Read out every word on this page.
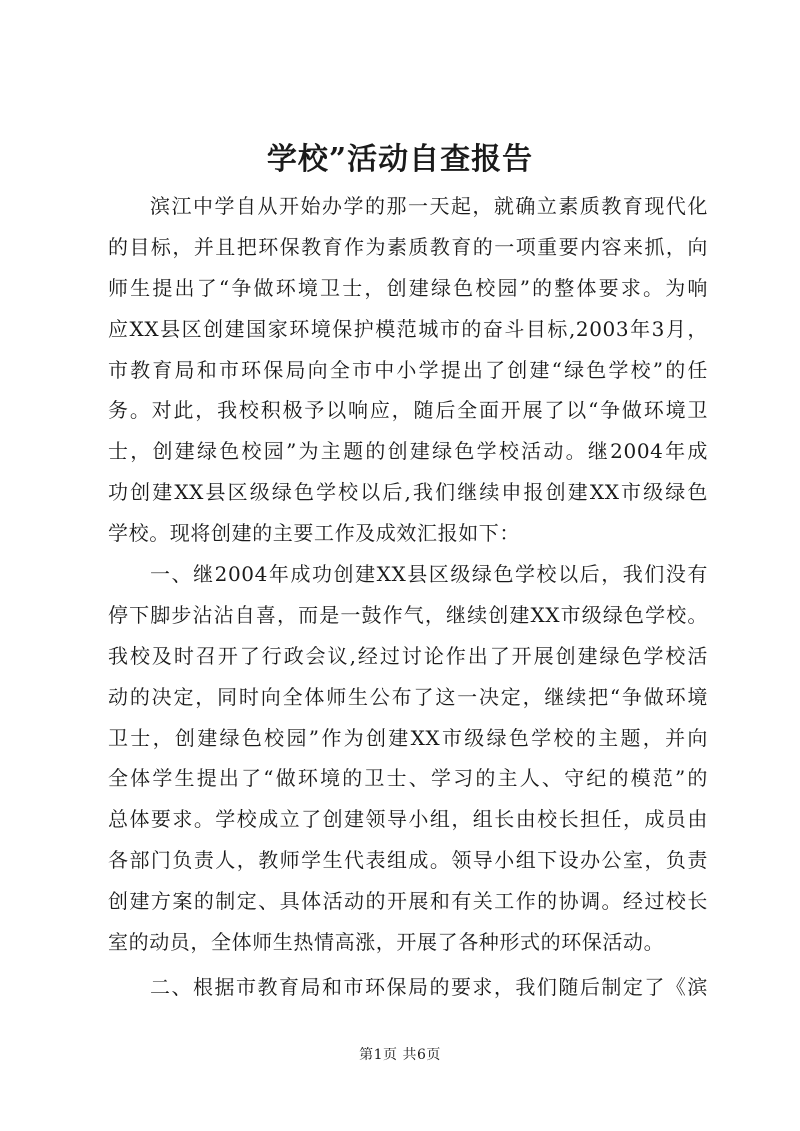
学校”活动自查报告
滨江中学自从开始办学的那一天起，就确立素质教育现代化
的目标，并且把环保教育作为素质教育的一项重要内容来抓，向
师生提出了“争做环境卫士，创建绿色校园”的整体要求。为响
应XX县区创建国家环境保护模范城市的奋斗目标,2003年3月，
市教育局和市环保局向全市中小学提出了创建“绿色学校”的任
务。对此，我校积极予以响应，随后全面开展了以“争做环境卫
士，创建绿色校园”为主题的创建绿色学校活动。继2004年成
功创建XX县区级绿色学校以后,我们继续申报创建XX市级绿色
学校。现将创建的主要工作及成效汇报如下：
一、继2004年成功创建XX县区级绿色学校以后，我们没有
停下脚步沾沾自喜，而是一鼓作气，继续创建XX市级绿色学校。
我校及时召开了行政会议,经过讨论作出了开展创建绿色学校活
动的决定，同时向全体师生公布了这一决定，继续把“争做环境
卫士，创建绿色校园”作为创建XX市级绿色学校的主题，并向
全体学生提出了“做环境的卫士、学习的主人、守纪的模范”的
总体要求。学校成立了创建领导小组，组长由校长担任，成员由
各部门负责人，教师学生代表组成。领导小组下设办公室，负责
创建方案的制定、具体活动的开展和有关工作的协调。经过校长
室的动员，全体师生热情高涨，开展了各种形式的环保活动。
二、根据市教育局和市环保局的要求，我们随后制定了《滨
第1页 共6页
